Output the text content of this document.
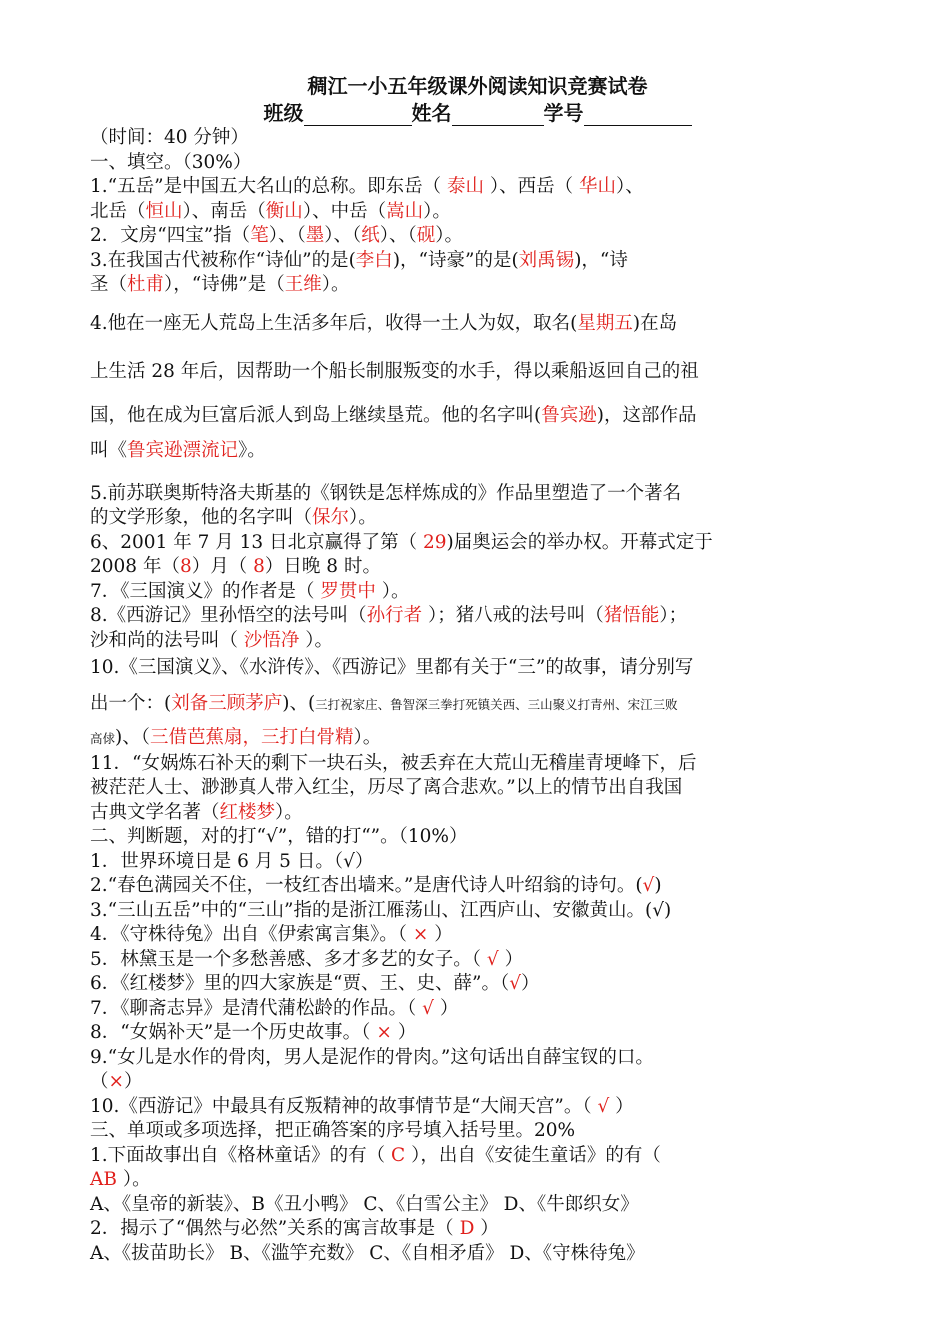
稠江一小五年级课外阅读知识竞赛试卷
班级	姓名	学号

（时间：40 分钟）

一、填空。（30%）

1.“五岳”是中国五大名山的总称。即东岳（ 泰山 ）、西岳（ 华山）、

北岳（恒山）、南岳（衡山）、中岳（嵩山）。

2．文房“四宝”指（笔）、（墨）、（纸）、（砚）。

3.在我国古代被称作“诗仙”的是(李白)，“诗豪”的是(刘禹锡)，“诗

圣（杜甫），“诗佛”是（王维）。

4.他在一座无人荒岛上生活多年后，收得一土人为奴，取名(星期五)在岛

上生活 28 年后，因帮助一个船长制服叛变的水手，得以乘船返回自己的祖

国，他在成为巨富后派人到岛上继续垦荒。他的名字叫(鲁宾逊)，这部作品

叫《鲁宾逊漂流记》。

5.前苏联奥斯特洛夫斯基的《钢铁是怎样炼成的》作品里塑造了一个著名

的文学形象，他的名字叫（保尔）。

6、2001 年 7 月 13 日北京赢得了第（ 29)届奥运会的举办权。开幕式定于

2008 年（8）月（ 8）日晚 8 时。

7．《三国演义》的作者是（ 罗贯中 ）。

8.《西游记》里孙悟空的法号叫（孙行者 ）；猪八戒的法号叫（猪悟能）；

沙和尚的法号叫（ 沙悟净 ）。

10.《三国演义》、《水浒传》、《西游记》里都有关于“三”的故事，请分别写

出一个：(刘备三顾茅庐)、(三打祝家庄、鲁智深三拳打死镇关西、三山聚义打青州、宋江三败

高俅)、（三借芭蕉扇，三打白骨精）。

11．“女娲炼石补天的剩下一块石头，被丢弃在大荒山无稽崖青埂峰下，后

被茫茫人士、渺渺真人带入红尘，历尽了离合悲欢。”以上的情节出自我国

古典文学名著（红楼梦）。

二、判断题，对的打“√”，错的打“”。（10%）

1．世界环境日是 6 月 5 日。（√）

2.“春色满园关不住，一枝红杏出墙来。”是唐代诗人叶绍翁的诗句。(√)

3.“三山五岳”中的“三山”指的是浙江雁荡山、江西庐山、安徽黄山。(√)

4．《守株待兔》出自《伊索寓言集》。（ × ）

5．林黛玉是一个多愁善感、多才多艺的女子。（ √ ）

6．《红楼梦》里的四大家族是“贾、王、史、薛”。（√）

7．《聊斋志异》是清代蒲松龄的作品。（ √ ）

8．“女娲补天”是一个历史故事。（ × ）

9.“女儿是水作的骨肉，男人是泥作的骨肉。”这句话出自薛宝钗的口。

（×）

10.《西游记》中最具有反叛精神的故事情节是“大闹天宫”。（ √ ）

三、单项或多项选择，把正确答案的序号填入括号里。20%

1.下面故事出自《格林童话》的有（ C ），出自《安徒生童话》的有（

AB ）。

A、《皇帝的新装》、B《丑小鸭》 C、《白雪公主》 D、《牛郎织女》

2．揭示了“偶然与必然”关系的寓言故事是（ D ）

A、《拔苗助长》 B、《滥竽充数》 C、《自相矛盾》 D、《守株待兔》
